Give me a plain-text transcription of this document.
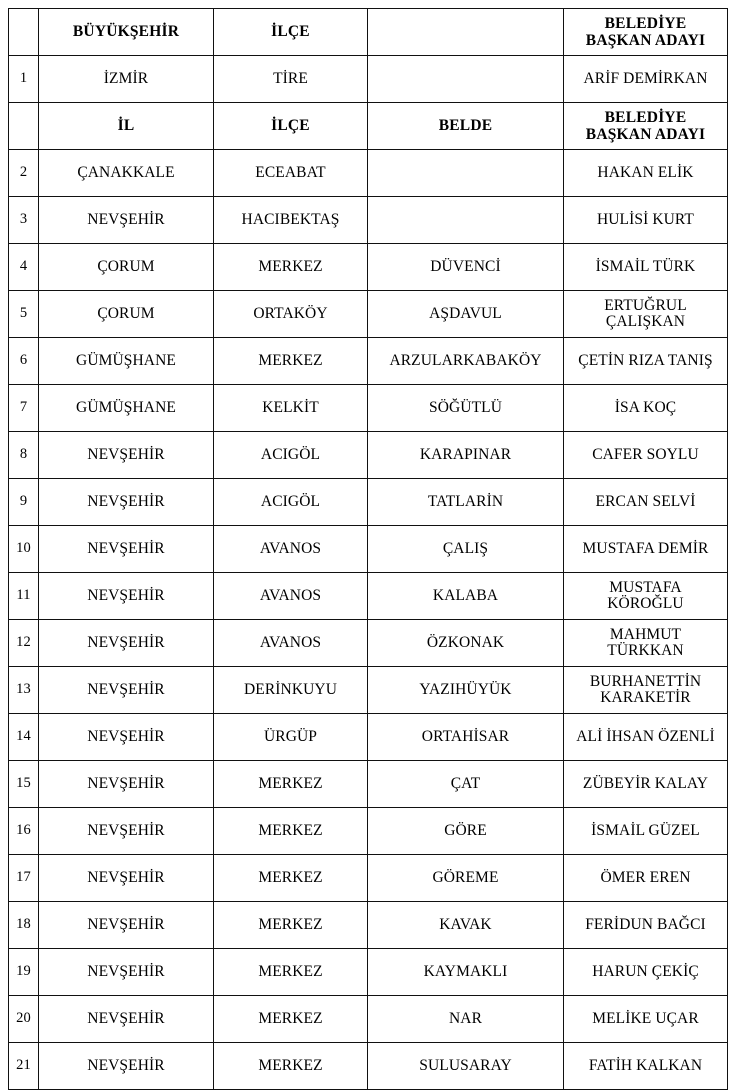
	BÜYÜKŞEHİR	İLÇE		BELEDİYE
BAŞKAN ADAYI

1	İZMİR	TİRE		ARİF DEMİRKAN
	İL	İLÇE	BELDE	BELEDİYE
BAŞKAN ADAYI

2	ÇANAKKALE	ECEABAT		HAKAN ELİK
3	NEVŞEHİR	HACIBEKTAŞ		HULİSİ KURT
4	ÇORUM	MERKEZ	DÜVENCİ	İSMAİL TÜRK
5	ÇORUM	ORTAKÖY	AŞDAVUL	ERTUĞRUL
ÇALIŞKAN

6	GÜMÜŞHANE	MERKEZ	ARZULARKABAKÖY	ÇETİN RIZA TANIŞ
7	GÜMÜŞHANE	KELKİT	SÖĞÜTLÜ	İSA KOÇ
8	NEVŞEHİR	ACIGÖL	KARAPINAR	CAFER SOYLU
9	NEVŞEHİR	ACIGÖL	TATLARİN	ERCAN SELVİ
10	NEVŞEHİR	AVANOS	ÇALIŞ	MUSTAFA DEMİR
11	NEVŞEHİR	AVANOS	KALABA	MUSTAFA
KÖROĞLU

12	NEVŞEHİR	AVANOS	ÖZKONAK	MAHMUT
TÜRKKAN

13	NEVŞEHİR	DERİNKUYU	YAZIHÜYÜK	BURHANETTİN
KARAKETİR

14	NEVŞEHİR	ÜRGÜP	ORTAHİSAR	ALİ İHSAN ÖZENLİ
15	NEVŞEHİR	MERKEZ	ÇAT	ZÜBEYİR KALAY
16	NEVŞEHİR	MERKEZ	GÖRE	İSMAİL GÜZEL
17	NEVŞEHİR	MERKEZ	GÖREME	ÖMER EREN
18	NEVŞEHİR	MERKEZ	KAVAK	FERİDUN BAĞCI
19	NEVŞEHİR	MERKEZ	KAYMAKLI	HARUN ÇEKİÇ
20	NEVŞEHİR	MERKEZ	NAR	MELİKE UÇAR
21	NEVŞEHİR	MERKEZ	SULUSARAY	FATİH KALKAN
